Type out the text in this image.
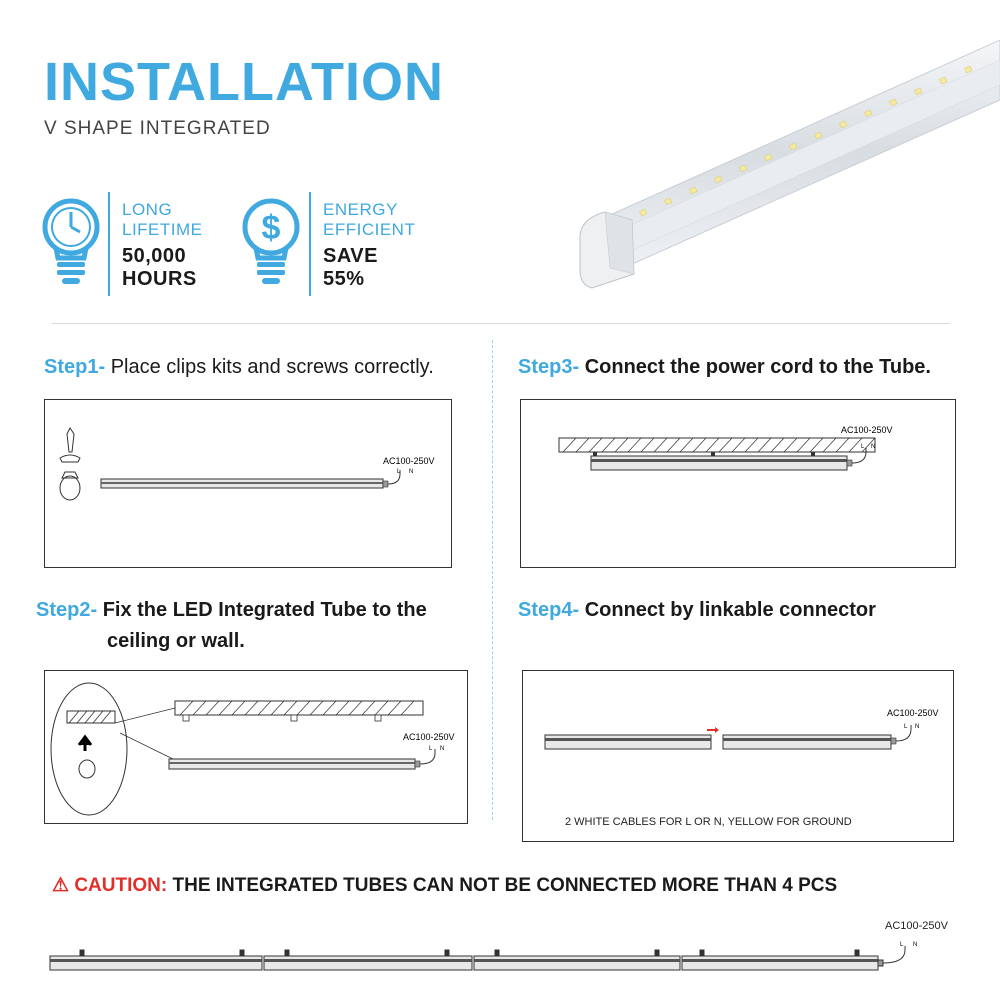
INSTALLATION
V SHAPE INTEGRATED
LONG
LIFETIME
50,000
HOURS
$	ENERGY
EFFICIENT
SAVE
55%
Step1- Place clips kits and screws correctly.
AC100-250V
L N
Step2- Fix the LED Integrated Tube to the
ceiling or wall.
AC100-250V
L N
Step3- Connect the power cord to the Tube.
AC100-250V
L N
Step4- Connect by linkable connector
AC100-250V
L N
2 WHITE CABLES FOR L OR N, YELLOW FOR GROUND
⚠ CAUTION: THE INTEGRATED TUBES CAN NOT BE CONNECTED MORE THAN 4 PCS
AC100-250V
L N
